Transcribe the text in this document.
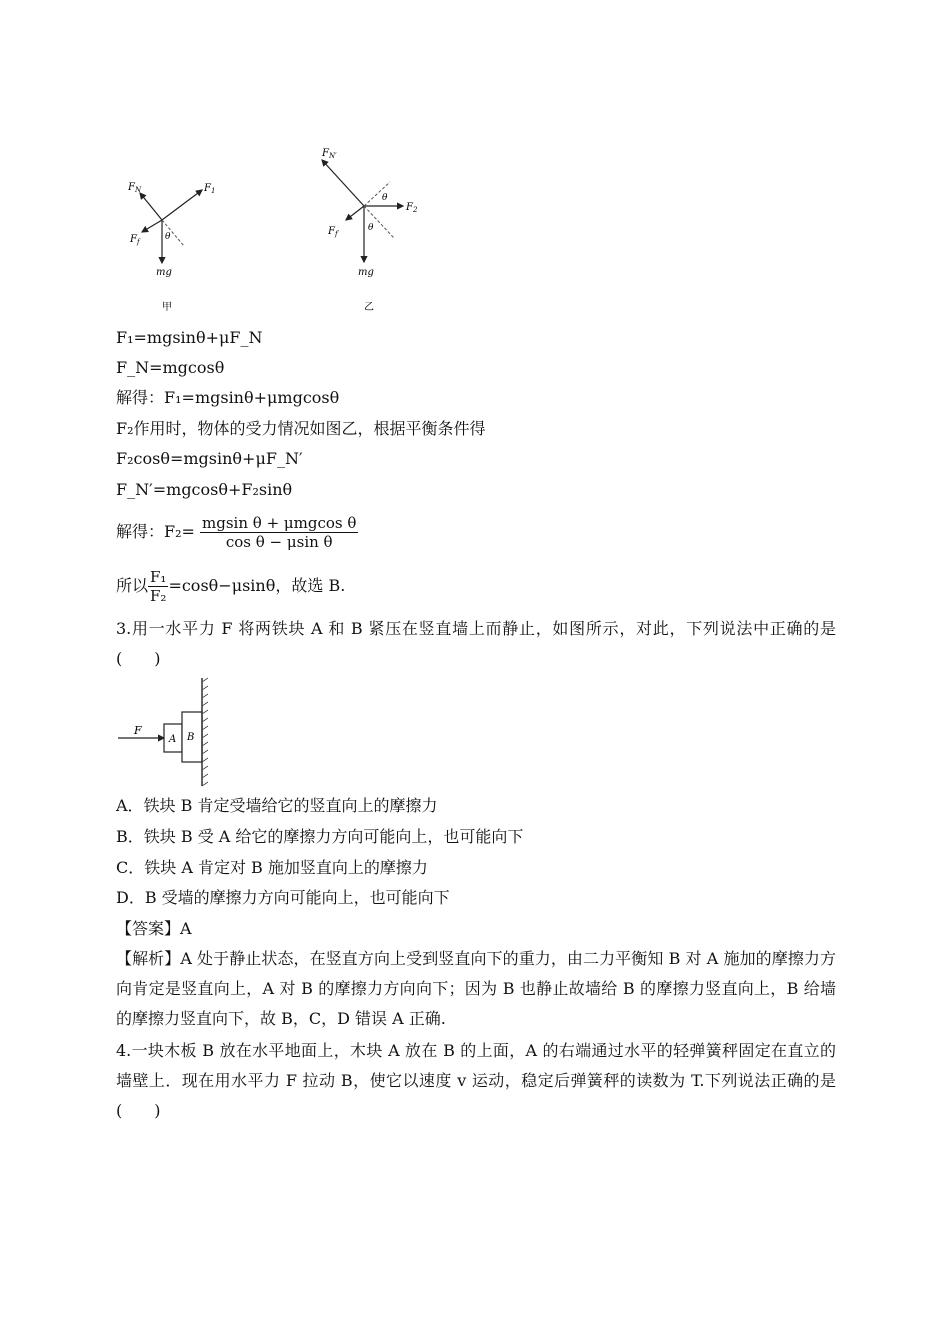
$F_N$	$F_1$
$F_f$	θ
mg
甲
$F_{N'}$
$F_2$
$F_{f'}$
θ
θ
mg
乙
F₁=mgsinθ+μF_N
F_N=mgcosθ
解得：F₁=mgsinθ+μmgcosθ
F₂作用时，物体的受力情况如图乙，根据平衡条件得
F₂cosθ=mgsinθ+μF_N′
F_N′=mgcosθ+F₂sinθ
解得：$F_2= \frac{\text{mgsin θ + μmgcos θ}}{\text{cos θ − μsin θ}}$
所以 $\frac{\text{F₁}}{\text{F₂}} =\cos\theta-\mu\sin\theta$，故选 B.
3.用一水平力 F 将两铁块 A 和 B 紧压在竖直墙上而静止，如图所示，对此，下列说法中正确的是(　　)
F
A B
A．铁块 B 肯定受墙给它的竖直向上的摩擦力
B．铁块 B 受 A 给它的摩擦力方向可能向上，也可能向下
C．铁块 A 肯定对 B 施加竖直向上的摩擦力
D．B 受墙的摩擦力方向可能向上，也可能向下
【答案】A
【解析】A 处于静止状态，在竖直方向上受到竖直向下的重力，由二力平衡知 B 对 A 施加的摩擦力方向肯定是竖直向上，A 对 B 的摩擦力方向向下；因为 B 也静止故墙给 B 的摩擦力竖直向上，B 给墙的摩擦力竖直向下，故 B，C，D 错误 A 正确.
4.一块木板 B 放在水平地面上，木块 A 放在 B 的上面，A 的右端通过水平的轻弹簧秤固定在直立的墙壁上．现在用水平力 F 拉动 B，使它以速度 v 运动，稳定后弹簧秤的读数为 T.下列说法正确的是(　　)
